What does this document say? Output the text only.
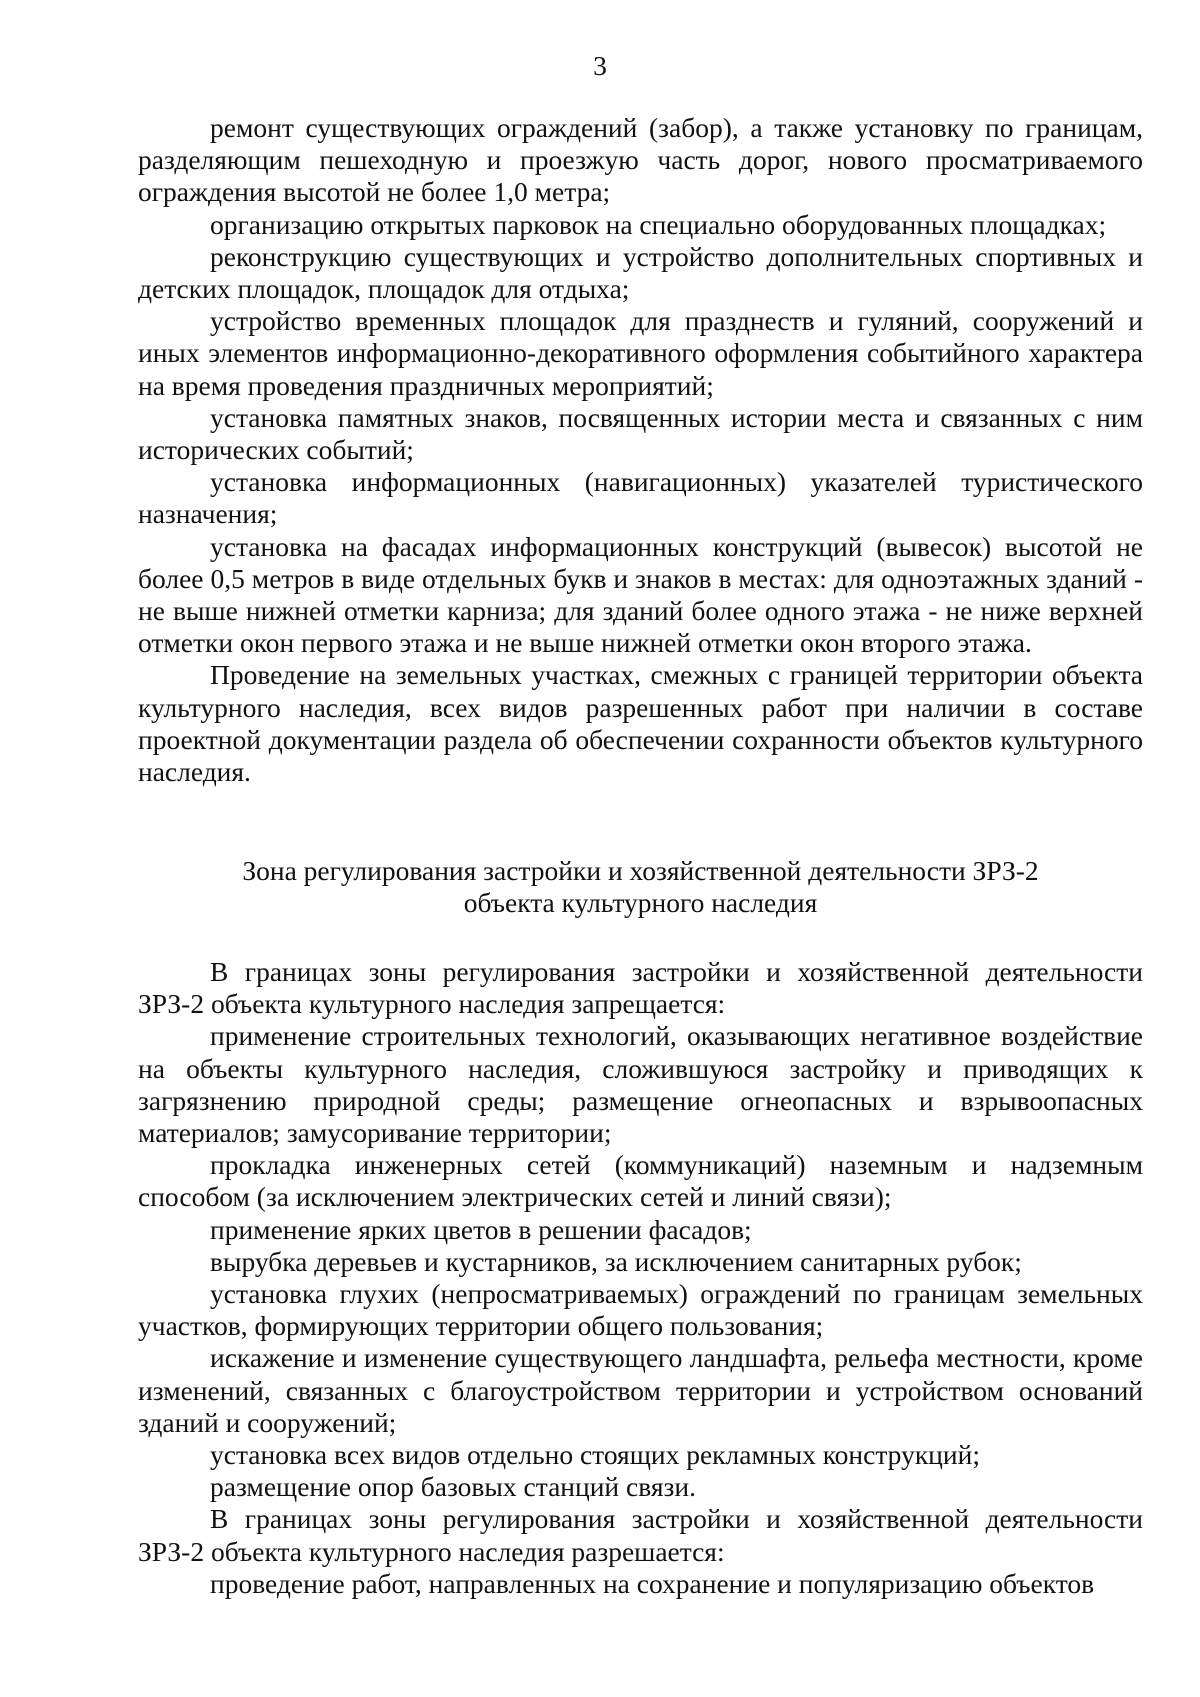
3

ремонт существующих ограждений (забор), а также установку по границам, разделяющим пешеходную и проезжую часть дорог, нового просматриваемого ограждения высотой не более 1,0 метра;

организацию открытых парковок на специально оборудованных площадках;

реконструкцию существующих и устройство дополнительных спортивных и детских площадок, площадок для отдыха;

устройство временных площадок для празднеств и гуляний, сооружений и иных элементов информационно-декоративного оформления событийного характера на время проведения праздничных мероприятий;

установка памятных знаков, посвященных истории места и связанных с ним исторических событий;

установка информационных (навигационных) указателей туристического назначения;

установка на фасадах информационных конструкций (вывесок) высотой не более 0,5 метров в виде отдельных букв и знаков в местах: для одноэтажных зданий - не выше нижней отметки карниза; для зданий более одного этажа - не ниже верхней отметки окон первого этажа и не выше нижней отметки окон второго этажа.

Проведение на земельных участках, смежных с границей территории объекта культурного наследия, всех видов разрешенных работ при наличии в составе проектной документации раздела об обеспечении сохранности объектов культурного наследия.

Зона регулирования застройки и хозяйственной деятельности ЗРЗ-2
объекта культурного наследия

В границах зоны регулирования застройки и хозяйственной деятельности ЗРЗ-2 объекта культурного наследия запрещается:

применение строительных технологий, оказывающих негативное воздействие на объекты культурного наследия, сложившуюся застройку и приводящих к загрязнению природной среды; размещение огнеопасных и взрывоопасных материалов; замусоривание территории;

прокладка инженерных сетей (коммуникаций) наземным и надземным способом (за исключением электрических сетей и линий связи);

применение ярких цветов в решении фасадов;

вырубка деревьев и кустарников, за исключением санитарных рубок;

установка глухих (непросматриваемых) ограждений по границам земельных участков, формирующих территории общего пользования;

искажение и изменение существующего ландшафта, рельефа местности, кроме изменений, связанных с благоустройством территории и устройством оснований зданий и сооружений;

установка всех видов отдельно стоящих рекламных конструкций;

размещение опор базовых станций связи.

В границах зоны регулирования застройки и хозяйственной деятельности ЗРЗ-2 объекта культурного наследия разрешается:

проведение работ, направленных на сохранение и популяризацию объектов
